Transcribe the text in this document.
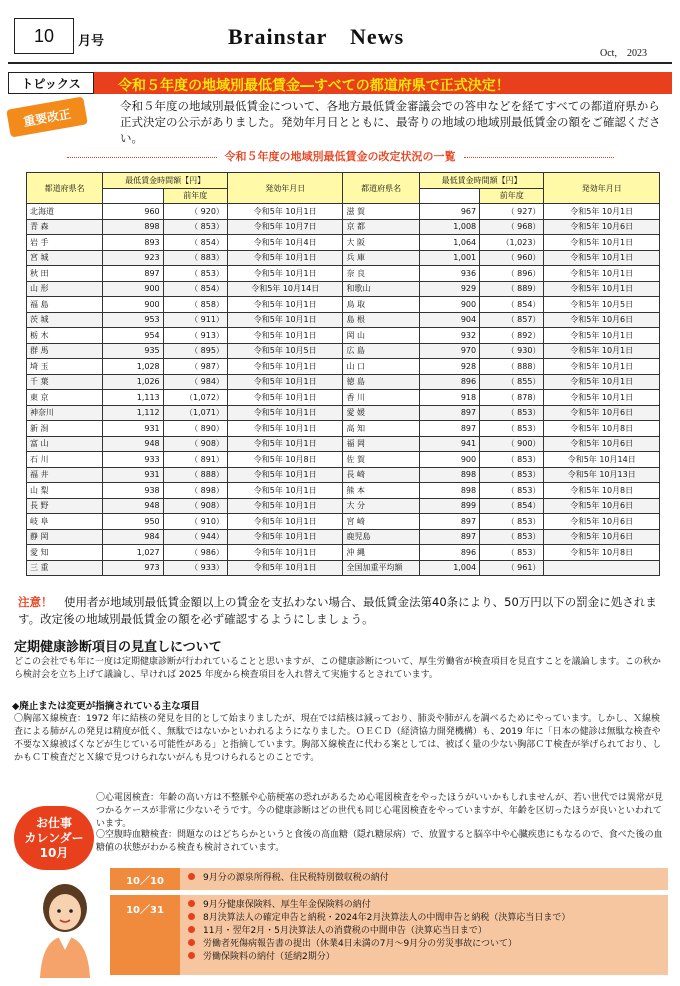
10	月号	Brainstar　News
Oct,　2023
トピックス	令和５年度の地域別最低賃金―すべての都道府県で正式決定！
重要改正
令和５年度の地域別最低賃金について、各地方最低賃金審議会での答申などを経てすべての都道府県から正式決定の公示がありました。発効年月日とともに、最寄りの地域の地域別最低賃金の額をご確認ください。
令和５年度の地域別最低賃金の改定状況の一覧
都道府県名	最低賃金時間額【円】		発効年月日	都道府県名	最低賃金時間額【円】		発効年月日
		前年度				前年度	
北海道	960	（ 920）	令和5年 10月1日	滋 賀	967	（ 927）	令和5年 10月1日
青 森	898	（ 853）	令和5年 10月7日	京 都	1,008	（ 968）	令和5年 10月6日
岩 手	893	（ 854）	令和5年 10月4日	大 阪	1,064	（1,023）	令和5年 10月1日
宮 城	923	（ 883）	令和5年 10月1日	兵 庫	1,001	（ 960）	令和5年 10月1日
秋 田	897	（ 853）	令和5年 10月1日	奈 良	936	（ 896）	令和5年 10月1日
山 形	900	（ 854）	令和5年 10月14日	和歌山	929	（ 889）	令和5年 10月1日
福 島	900	（ 858）	令和5年 10月1日	鳥 取	900	（ 854）	令和5年 10月5日
茨 城	953	（ 911）	令和5年 10月1日	島 根	904	（ 857）	令和5年 10月6日
栃 木	954	（ 913）	令和5年 10月1日	岡 山	932	（ 892）	令和5年 10月1日
群 馬	935	（ 895）	令和5年 10月5日	広 島	970	（ 930）	令和5年 10月1日
埼 玉	1,028	（ 987）	令和5年 10月1日	山 口	928	（ 888）	令和5年 10月1日
千 葉	1,026	（ 984）	令和5年 10月1日	徳 島	896	（ 855）	令和5年 10月1日
東 京	1,113	（1,072）	令和5年 10月1日	香 川	918	（ 878）	令和5年 10月1日
神奈川	1,112	（1,071）	令和5年 10月1日	愛 媛	897	（ 853）	令和5年 10月6日
新 潟	931	（ 890）	令和5年 10月1日	高 知	897	（ 853）	令和5年 10月8日
富 山	948	（ 908）	令和5年 10月1日	福 岡	941	（ 900）	令和5年 10月6日
石 川	933	（ 891）	令和5年 10月8日	佐 賀	900	（ 853）	令和5年 10月14日
福 井	931	（ 888）	令和5年 10月1日	長 崎	898	（ 853）	令和5年 10月13日
山 梨	938	（ 898）	令和5年 10月1日	熊 本	898	（ 853）	令和5年 10月8日
長 野	948	（ 908）	令和5年 10月1日	大 分	899	（ 854）	令和5年 10月6日
岐 阜	950	（ 910）	令和5年 10月1日	宮 崎	897	（ 853）	令和5年 10月6日
静 岡	984	（ 944）	令和5年 10月1日	鹿児島	897	（ 853）	令和5年 10月6日
愛 知	1,027	（ 986）	令和5年 10月1日	沖 縄	896	（ 853）	令和5年 10月8日
三 重	973	（ 933）	令和5年 10月1日	全国加重平均額	1,004	（ 961）	
注意！　使用者が地域別最低賃金額以上の賃金を支払わない場合、最低賃金法第40条により、50万円以下の罰金に処されます。改定後の地域別最低賃金の額を必ず確認するようにしましょう。
定期健康診断項目の見直しについて
どこの会社でも年に一度は定期健康診断が行われていることと思いますが、この健康診断について、厚生労働省が検査項目を見直すことを議論します。この秋から検討会を立ち上げて議論し、早ければ 2025 年度から検査項目を入れ替えて実施するとされています。
◆廃止または変更が指摘されている主な項目
〇胸部Ｘ線検査：1972 年に結核の発見を目的として始まりましたが、現在では結核は減っており、肺炎や肺がんを調べるためにやっています。しかし、Ｘ線検査による肺がんの発見は精度が低く、無駄ではないかといわれるようになりました。ＯＥＣＤ（経済協力開発機構）も、2019 年に「日本の健診は無駄な検査や不要なＸ線被ばくなどが生じている可能性がある」と指摘しています。胸部Ｘ線検査に代わる案としては、被ばく量の少ない胸部ＣＴ検査が挙げられており、しかもＣＴ検査だとＸ線で見つけられないがんも見つけられるとのことです。
〇心電図検査：年齢の高い方は不整脈や心筋梗塞の恐れがあるため心電図検査をやったほうがいいかもしれませんが、若い世代では異常が見つかるケースが非常に少ないそうです。今の健康診断はどの世代も同じ心電図検査をやっていますが、年齢を区切ったほうが良いといわれています。
〇空腹時血糖検査：問題なのはどちらかというと食後の高血糖（隠れ糖尿病）で、放置すると脳卒中や心臓疾患にもなるので、食べた後の血糖値の状態がわかる検査も検討されています。
お仕事
カレンダー
10月
10／10	9月分の源泉所得税、住民税特別徴収税の納付
10／31	9月分健康保険料、厚生年金保険料の納付
8月決算法人の確定申告と納税・2024年2月決算法人の中間申告と納税（決算応当日まで）
11月・翌年2月・5月決算法人の消費税の中間申告（決算応当日まで）
労働者死傷病報告書の提出（休業4日未満の7月～9月分の労災事故について）
労働保険料の納付（延納2期分）
